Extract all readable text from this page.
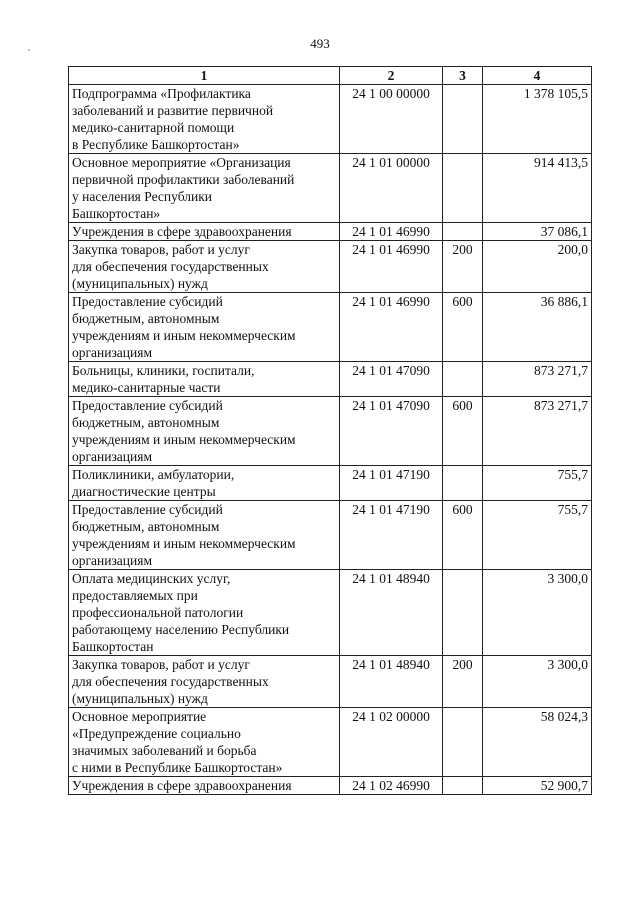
493
,
1	2	3	4
Подпрограмма «Профилактика
заболеваний и развитие первичной
медико-санитарной помощи
в Республике Башкортостан»	24 1 00 00000		1 378 105,5
Основное мероприятие «Организация
первичной профилактики заболеваний
у населения Республики
Башкортостан»	24 1 01 00000		914 413,5
Учреждения в сфере здравоохранения	24 1 01 46990		37 086,1
Закупка товаров, работ и услуг
для обеспечения государственных
(муниципальных) нужд	24 1 01 46990	200	200,0
Предоставление субсидий
бюджетным, автономным
учреждениям и иным некоммерческим
организациям	24 1 01 46990	600	36 886,1
Больницы, клиники, госпитали,
медико-санитарные части	24 1 01 47090		873 271,7
Предоставление субсидий
бюджетным, автономным
учреждениям и иным некоммерческим
организациям	24 1 01 47090	600	873 271,7
Поликлиники, амбулатории,
диагностические центры	24 1 01 47190		755,7
Предоставление субсидий
бюджетным, автономным
учреждениям и иным некоммерческим
организациям	24 1 01 47190	600	755,7
Оплата медицинских услуг,
предоставляемых при
профессиональной патологии
работающему населению Республики
Башкортостан	24 1 01 48940		3 300,0
Закупка товаров, работ и услуг
для обеспечения государственных
(муниципальных) нужд	24 1 01 48940	200	3 300,0
Основное мероприятие
«Предупреждение социально
значимых заболеваний и борьба
с ними в Республике Башкортостан»	24 1 02 00000		58 024,3
Учреждения в сфере здравоохранения	24 1 02 46990		52 900,7
